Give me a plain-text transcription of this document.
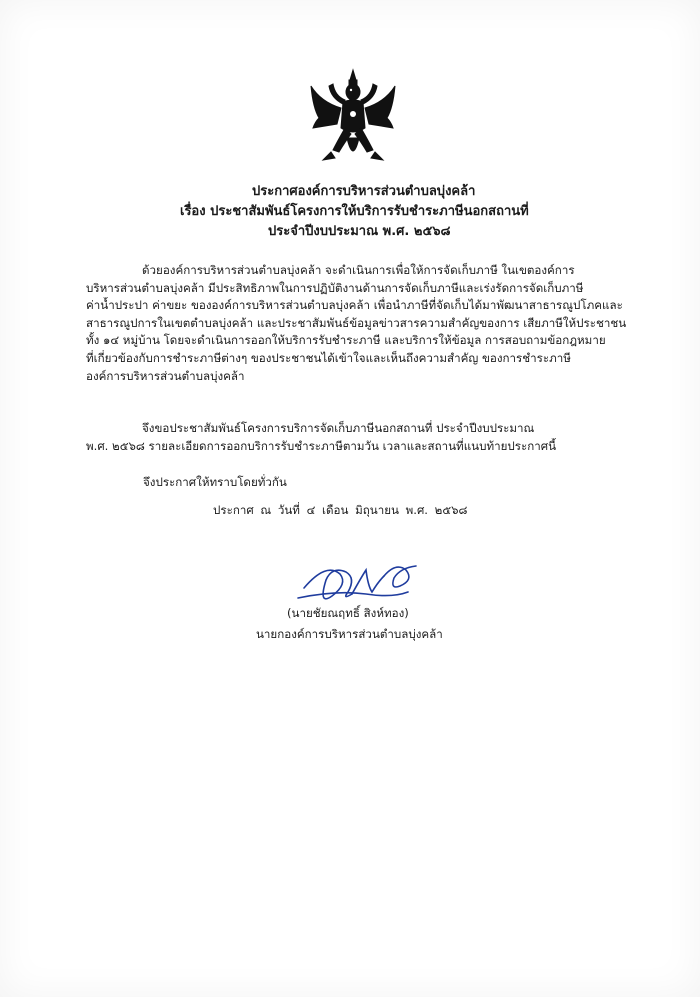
ประกาศองค์การบริหารส่วนตำบลบุ่งคล้า
เรื่อง ประชาสัมพันธ์โครงการให้บริการรับชำระภาษีนอกสถานที่
ประจำปีงบประมาณ พ.ศ. ๒๕๖๘
ด้วยองค์การบริหารส่วนตำบลบุ่งคล้า จะดำเนินการเพื่อให้การจัดเก็บภาษี ในเขตองค์การ
บริหารส่วนตำบลบุ่งคล้า มีประสิทธิภาพในการปฏิบัติงานด้านการจัดเก็บภาษีและเร่งรัดการจัดเก็บภาษี
ค่าน้ำประปา ค่าขยะ ขององค์การบริหารส่วนตำบลบุ่งคล้า เพื่อนำภาษีที่จัดเก็บได้มาพัฒนาสาธารณูปโภคและ
สาธารณูปการในเขตตำบลบุ่งคล้า และประชาสัมพันธ์ข้อมูลข่าวสารความสำคัญของการ เสียภาษีให้ประชาชน
ทั้ง ๑๔ หมู่บ้าน โดยจะดำเนินการออกให้บริการรับชำระภาษี และบริการให้ข้อมูล การสอบถามข้อกฎหมาย
ที่เกี่ยวข้องกับการชำระภาษีต่างๆ ของประชาชนได้เข้าใจและเห็นถึงความสำคัญ ของการชำระภาษี
องค์การบริหารส่วนตำบลบุ่งคล้า
จึงขอประชาสัมพันธ์โครงการบริการจัดเก็บภาษีนอกสถานที่ ประจำปีงบประมาณ
พ.ศ. ๒๕๖๘ รายละเอียดการออกบริการรับชำระภาษีตามวัน เวลาและสถานที่แนบท้ายประกาศนี้
จึงประกาศให้ทราบโดยทั่วกัน
ประกาศ ณ วันที่ ๔ เดือน มิถุนายน พ.ศ. ๒๕๖๘
(นายชัยณฤทธิ์ สิงห์ทอง)
นายกองค์การบริหารส่วนตำบลบุ่งคล้า
